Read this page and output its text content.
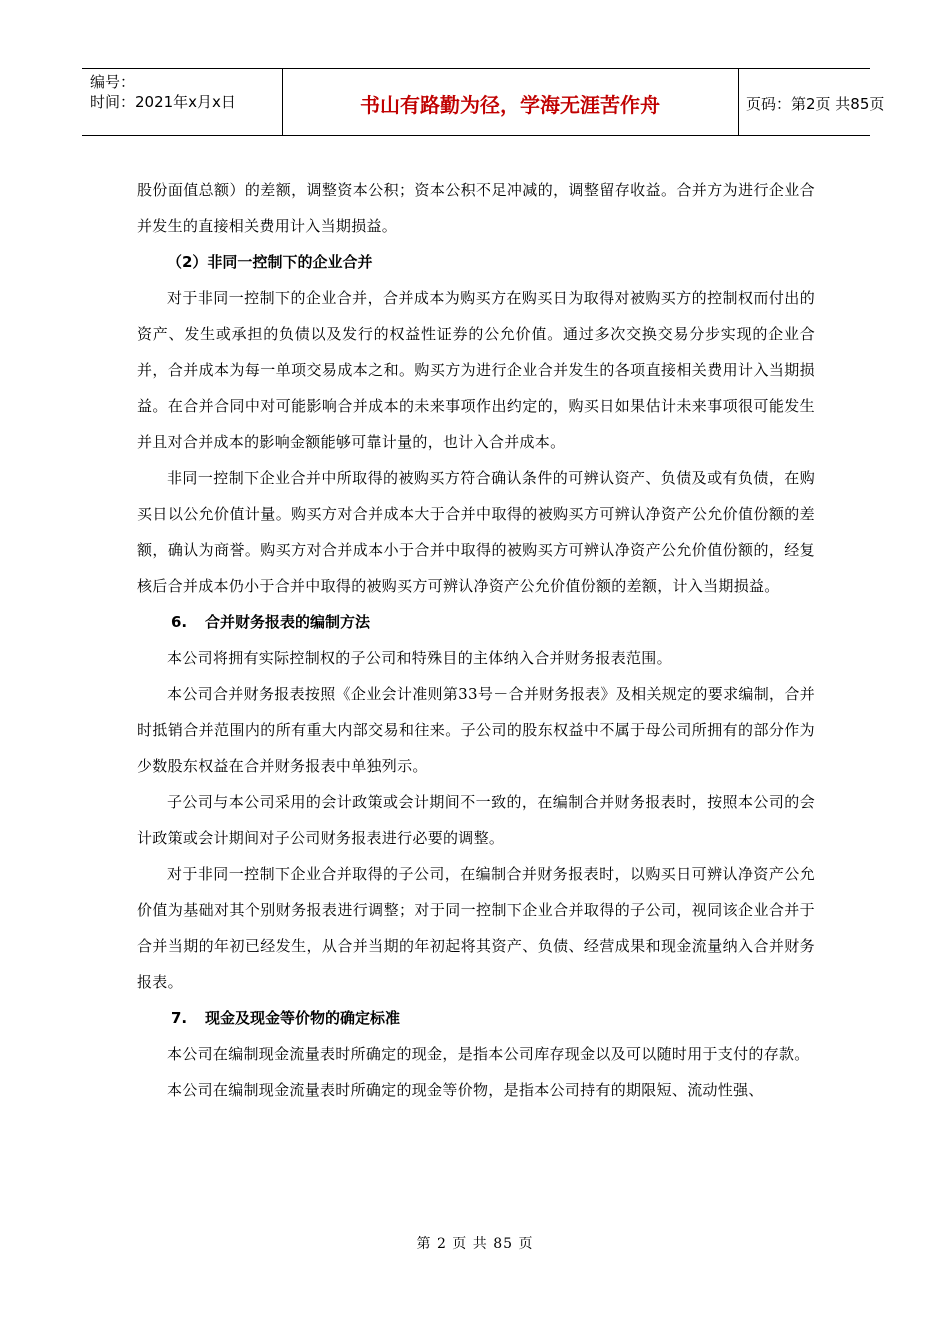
编号：
时间：2021年x月x日	书山有路勤为径，学海无涯苦作舟	页码：第2页 共85页

股份面值总额）的差额，调整资本公积；资本公积不足冲减的，调整留存收益。合并方为进行企业合并发生的直接相关费用计入当期损益。

（2）非同一控制下的企业合并

对于非同一控制下的企业合并，合并成本为购买方在购买日为取得对被购买方的控制权而付出的资产、发生或承担的负债以及发行的权益性证券的公允价值。通过多次交换交易分步实现的企业合并，合并成本为每一单项交易成本之和。购买方为进行企业合并发生的各项直接相关费用计入当期损益。在合并合同中对可能影响合并成本的未来事项作出约定的，购买日如果估计未来事项很可能发生并且对合并成本的影响金额能够可靠计量的，也计入合并成本。

非同一控制下企业合并中所取得的被购买方符合确认条件的可辨认资产、负债及或有负债，在购买日以公允价值计量。购买方对合并成本大于合并中取得的被购买方可辨认净资产公允价值份额的差额，确认为商誉。购买方对合并成本小于合并中取得的被购买方可辨认净资产公允价值份额的，经复核后合并成本仍小于合并中取得的被购买方可辨认净资产公允价值份额的差额，计入当期损益。

6. 合并财务报表的编制方法

本公司将拥有实际控制权的子公司和特殊目的主体纳入合并财务报表范围。

本公司合并财务报表按照《企业会计准则第33号－合并财务报表》及相关规定的要求编制，合并时抵销合并范围内的所有重大内部交易和往来。子公司的股东权益中不属于母公司所拥有的部分作为少数股东权益在合并财务报表中单独列示。

子公司与本公司采用的会计政策或会计期间不一致的，在编制合并财务报表时，按照本公司的会计政策或会计期间对子公司财务报表进行必要的调整。

对于非同一控制下企业合并取得的子公司，在编制合并财务报表时，以购买日可辨认净资产公允价值为基础对其个别财务报表进行调整；对于同一控制下企业合并取得的子公司，视同该企业合并于合并当期的年初已经发生，从合并当期的年初起将其资产、负债、经营成果和现金流量纳入合并财务报表。

7. 现金及现金等价物的确定标准

本公司在编制现金流量表时所确定的现金，是指本公司库存现金以及可以随时用于支付的存款。

本公司在编制现金流量表时所确定的现金等价物，是指本公司持有的期限短、流动性强、

第 2 页 共 85 页
